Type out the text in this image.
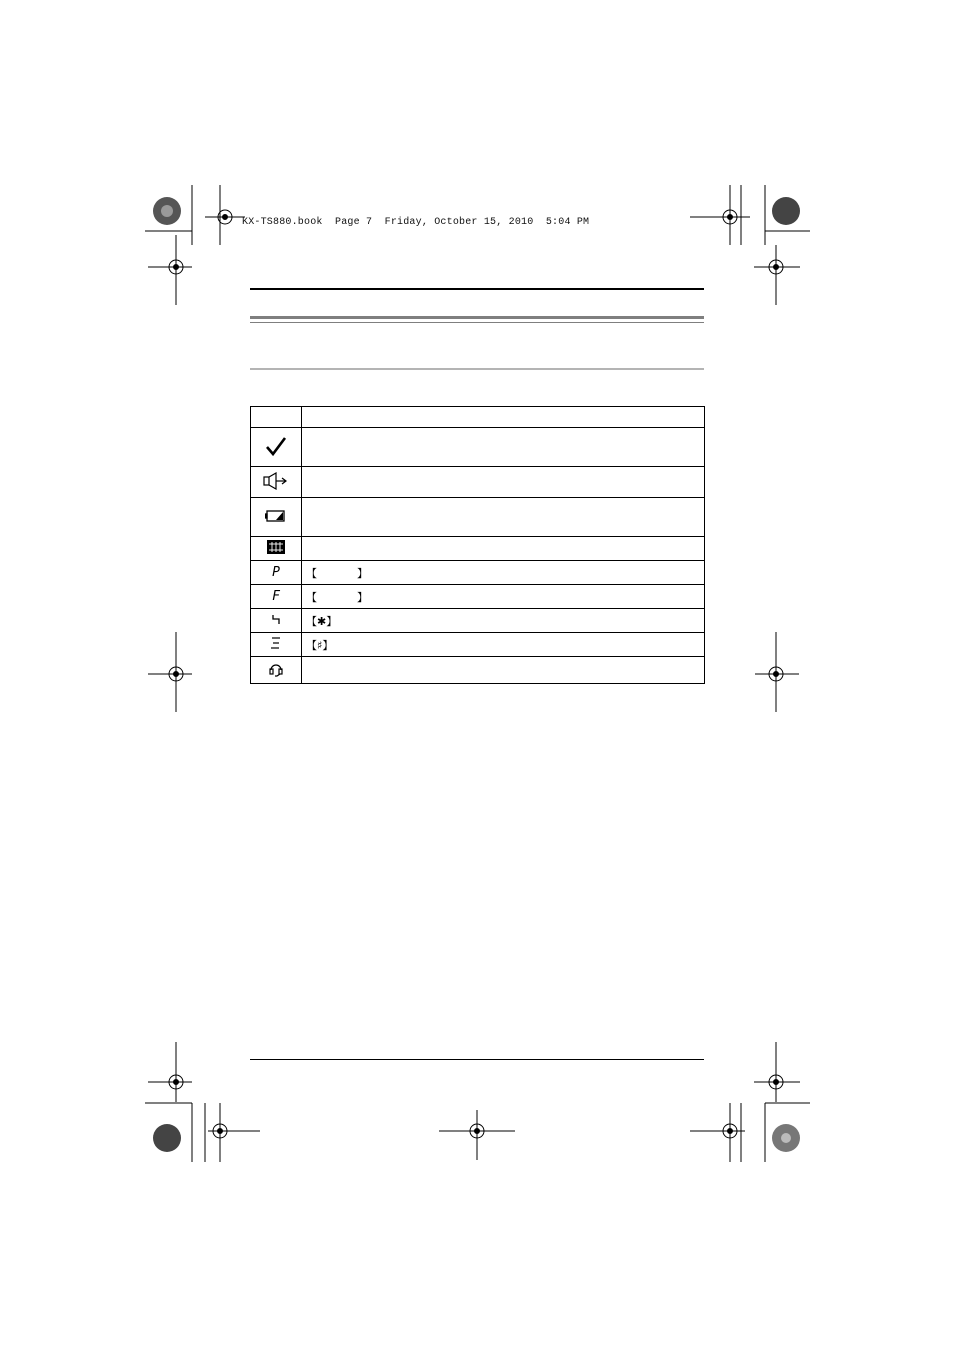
KX-TS880.book  Page 7  Friday, October 15, 2010  5:04 PM

P	【 】
F	【 】
	【✱】
	【♯】
